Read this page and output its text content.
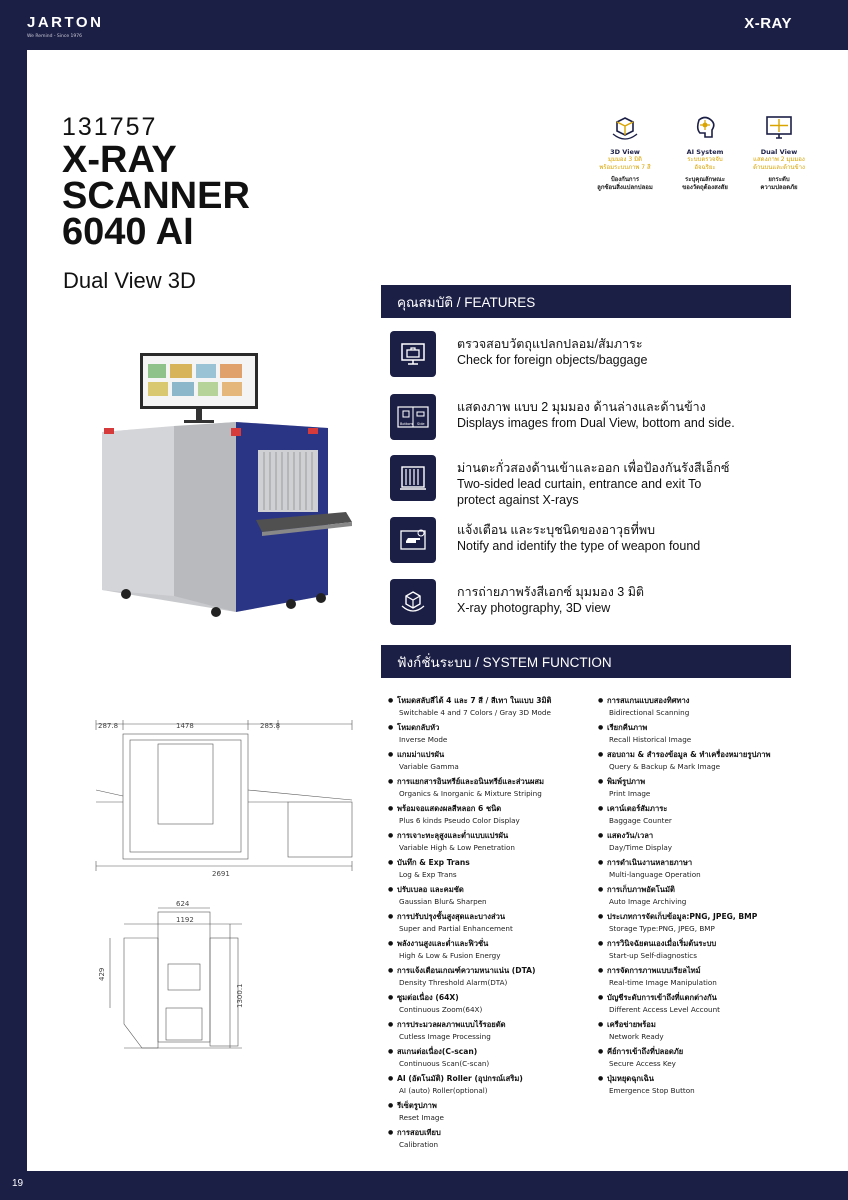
JARTON
We Remind - Since 1976
X-RAY
131757
X-RAY
SCANNER
6040 AI
Dual View 3D
3D View
มุมมอง 3 มิติ
พร้อมระบบภาพ 7 สี
ป้องกันการ
ลูกซ้อนสิ่งแปลกปลอม
AI System
ระบบตรวจจับ
อัจฉริยะ
ระบุคุณลักษณะ
ของวัตถุต้องสงสัย
Dual View
แสดงภาพ 2 มุมมอง
ด้านบนและด้านข้าง
ยกระดับ
ความปลอดภัย
คุณสมบัติ / FEATURES
ตรวจสอบวัตถุแปลกปลอม/สัมภาระ
Check for foreign objects/baggage
Bottom Side
แสดงภาพ แบบ 2 มุมมอง ด้านล่างและด้านข้าง
Displays images from Dual View, bottom and side.
ม่านตะกั่วสองด้านเข้าและออก เพื่อป้องกันรังสีเอ็กซ์
Two-sided lead curtain, entrance and exit To
protect against X-rays
แจ้งเตือน และระบุชนิดของอาวุธที่พบ
Notify and identify the type of weapon found
การถ่ายภาพรังสีเอกซ์ มุมมอง 3 มิติ
X-ray photography, 3D view
ฟังก์ชั่นระบบ / SYSTEM FUNCTION
● โหมดสลับสีได้ 4 และ 7 สี / สีเทา ในแบบ 3มิติ
Switchable 4 and 7 Colors / Gray 3D Mode
● โหมดกลับหัว
Inverse Mode
● แกมม่าแปรผัน
Variable Gamma
● การแยกสารอินทรีย์และอนินทรีย์และส่วนผสม
Organics & Inorganic & Mixture Striping
● พร้อมจอแสดงผลสีหลอก 6 ชนิด
Plus 6 kinds Pseudo Color Display
● การเจาะทะลุสูงและต่ำแบบแปรผัน
Variable High & Low Penetration
● บันทึก & Exp Trans
Log & Exp Trans
● ปรับเบลอ และคมชัด
Gaussian Blur& Sharpen
● การปรับปรุงชั้นสูงสุดและบางส่วน
Super and Partial Enhancement
● พลังงานสูงและต่ำและฟิวชั่น
High & Low & Fusion Energy
● การแจ้งเตือนเกณฑ์ความหนาแน่น (DTA)
Density Threshold Alarm(DTA)
● ซูมต่อเนื่อง (64X)
Continuous Zoom(64X)
● การประมวลผลภาพแบบไร้รอยตัด
Cutless Image Processing
● สแกนต่อเนื่อง(C-scan)
Continuous Scan(C-scan)
● AI (อัตโนมัติ) Roller (อุปกรณ์เสริม)
AI (auto) Roller(optional)
● รีเซ็ตรูปภาพ
Reset Image
● การสอบเทียบ
Calibration
● การสแกนแบบสองทิศทาง
Bidirectional Scanning
● เรียกคืนภาพ
Recall Historical Image
● สอบถาม & สำรองข้อมูล & ทำเครื่องหมายรูปภาพ
Query & Backup & Mark Image
● พิมพ์รูปภาพ
Print Image
● เคาน์เตอร์สัมภาระ
Baggage Counter
● แสดงวัน/เวลา
Day/Time Display
● การดำเนินงานหลายภาษา
Multi-language Operation
● การเก็บภาพอัตโนมัติ
Auto Image Archiving
● ประเภทการจัดเก็บข้อมูล:PNG, JPEG, BMP
Storage Type:PNG, JPEG, BMP
● การวินิจฉัยตนเองเมื่อเริ่มต้นระบบ
Start-up Self-diagnostics
● การจัดการภาพแบบเรียลไทม์
Real-time Image Manipulation
● บัญชีระดับการเข้าถึงที่แตกต่างกัน
Different Access Level Account
● เครือข่ายพร้อม
Network Ready
● คีย์การเข้าถึงที่ปลอดภัย
Secure Access Key
● ปุ่มหยุดฉุกเฉิน
Emergence Stop Button
287.8	1478	285.8
2691
624
1192
429
1300.1
19
